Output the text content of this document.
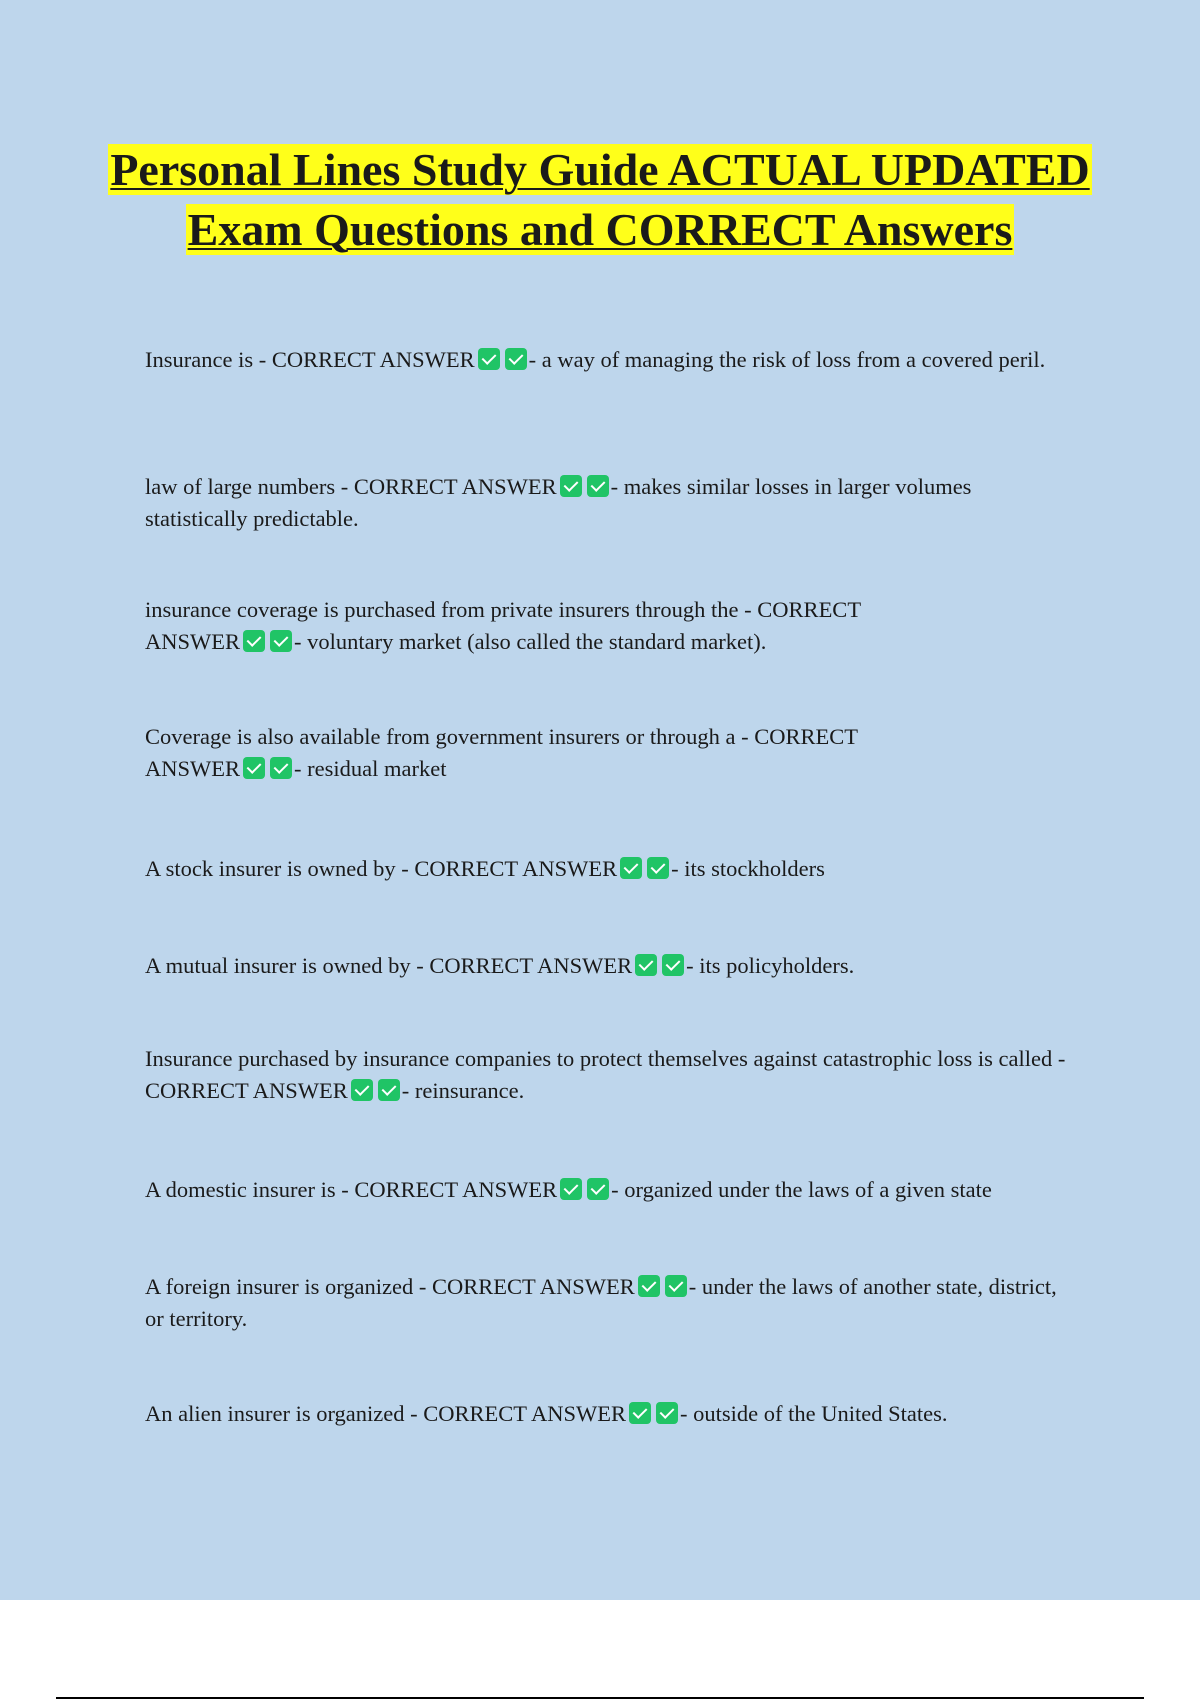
Personal Lines Study Guide ACTUAL UPDATED Exam Questions and CORRECT Answers
Insurance is - CORRECT ANSWER - a way of managing the risk of loss from a covered peril.
law of large numbers - CORRECT ANSWER - makes similar losses in larger volumes statistically predictable.
insurance coverage is purchased from private insurers through the - CORRECT ANSWER - voluntary market (also called the standard market).
Coverage is also available from government insurers or through a - CORRECT ANSWER - residual market
A stock insurer is owned by - CORRECT ANSWER - its stockholders
A mutual insurer is owned by - CORRECT ANSWER - its policyholders.
Insurance purchased by insurance companies to protect themselves against catastrophic loss is called - CORRECT ANSWER - reinsurance.
A domestic insurer is - CORRECT ANSWER - organized under the laws of a given state
A foreign insurer is organized - CORRECT ANSWER - under the laws of another state, district, or territory.
An alien insurer is organized - CORRECT ANSWER - outside of the United States.
